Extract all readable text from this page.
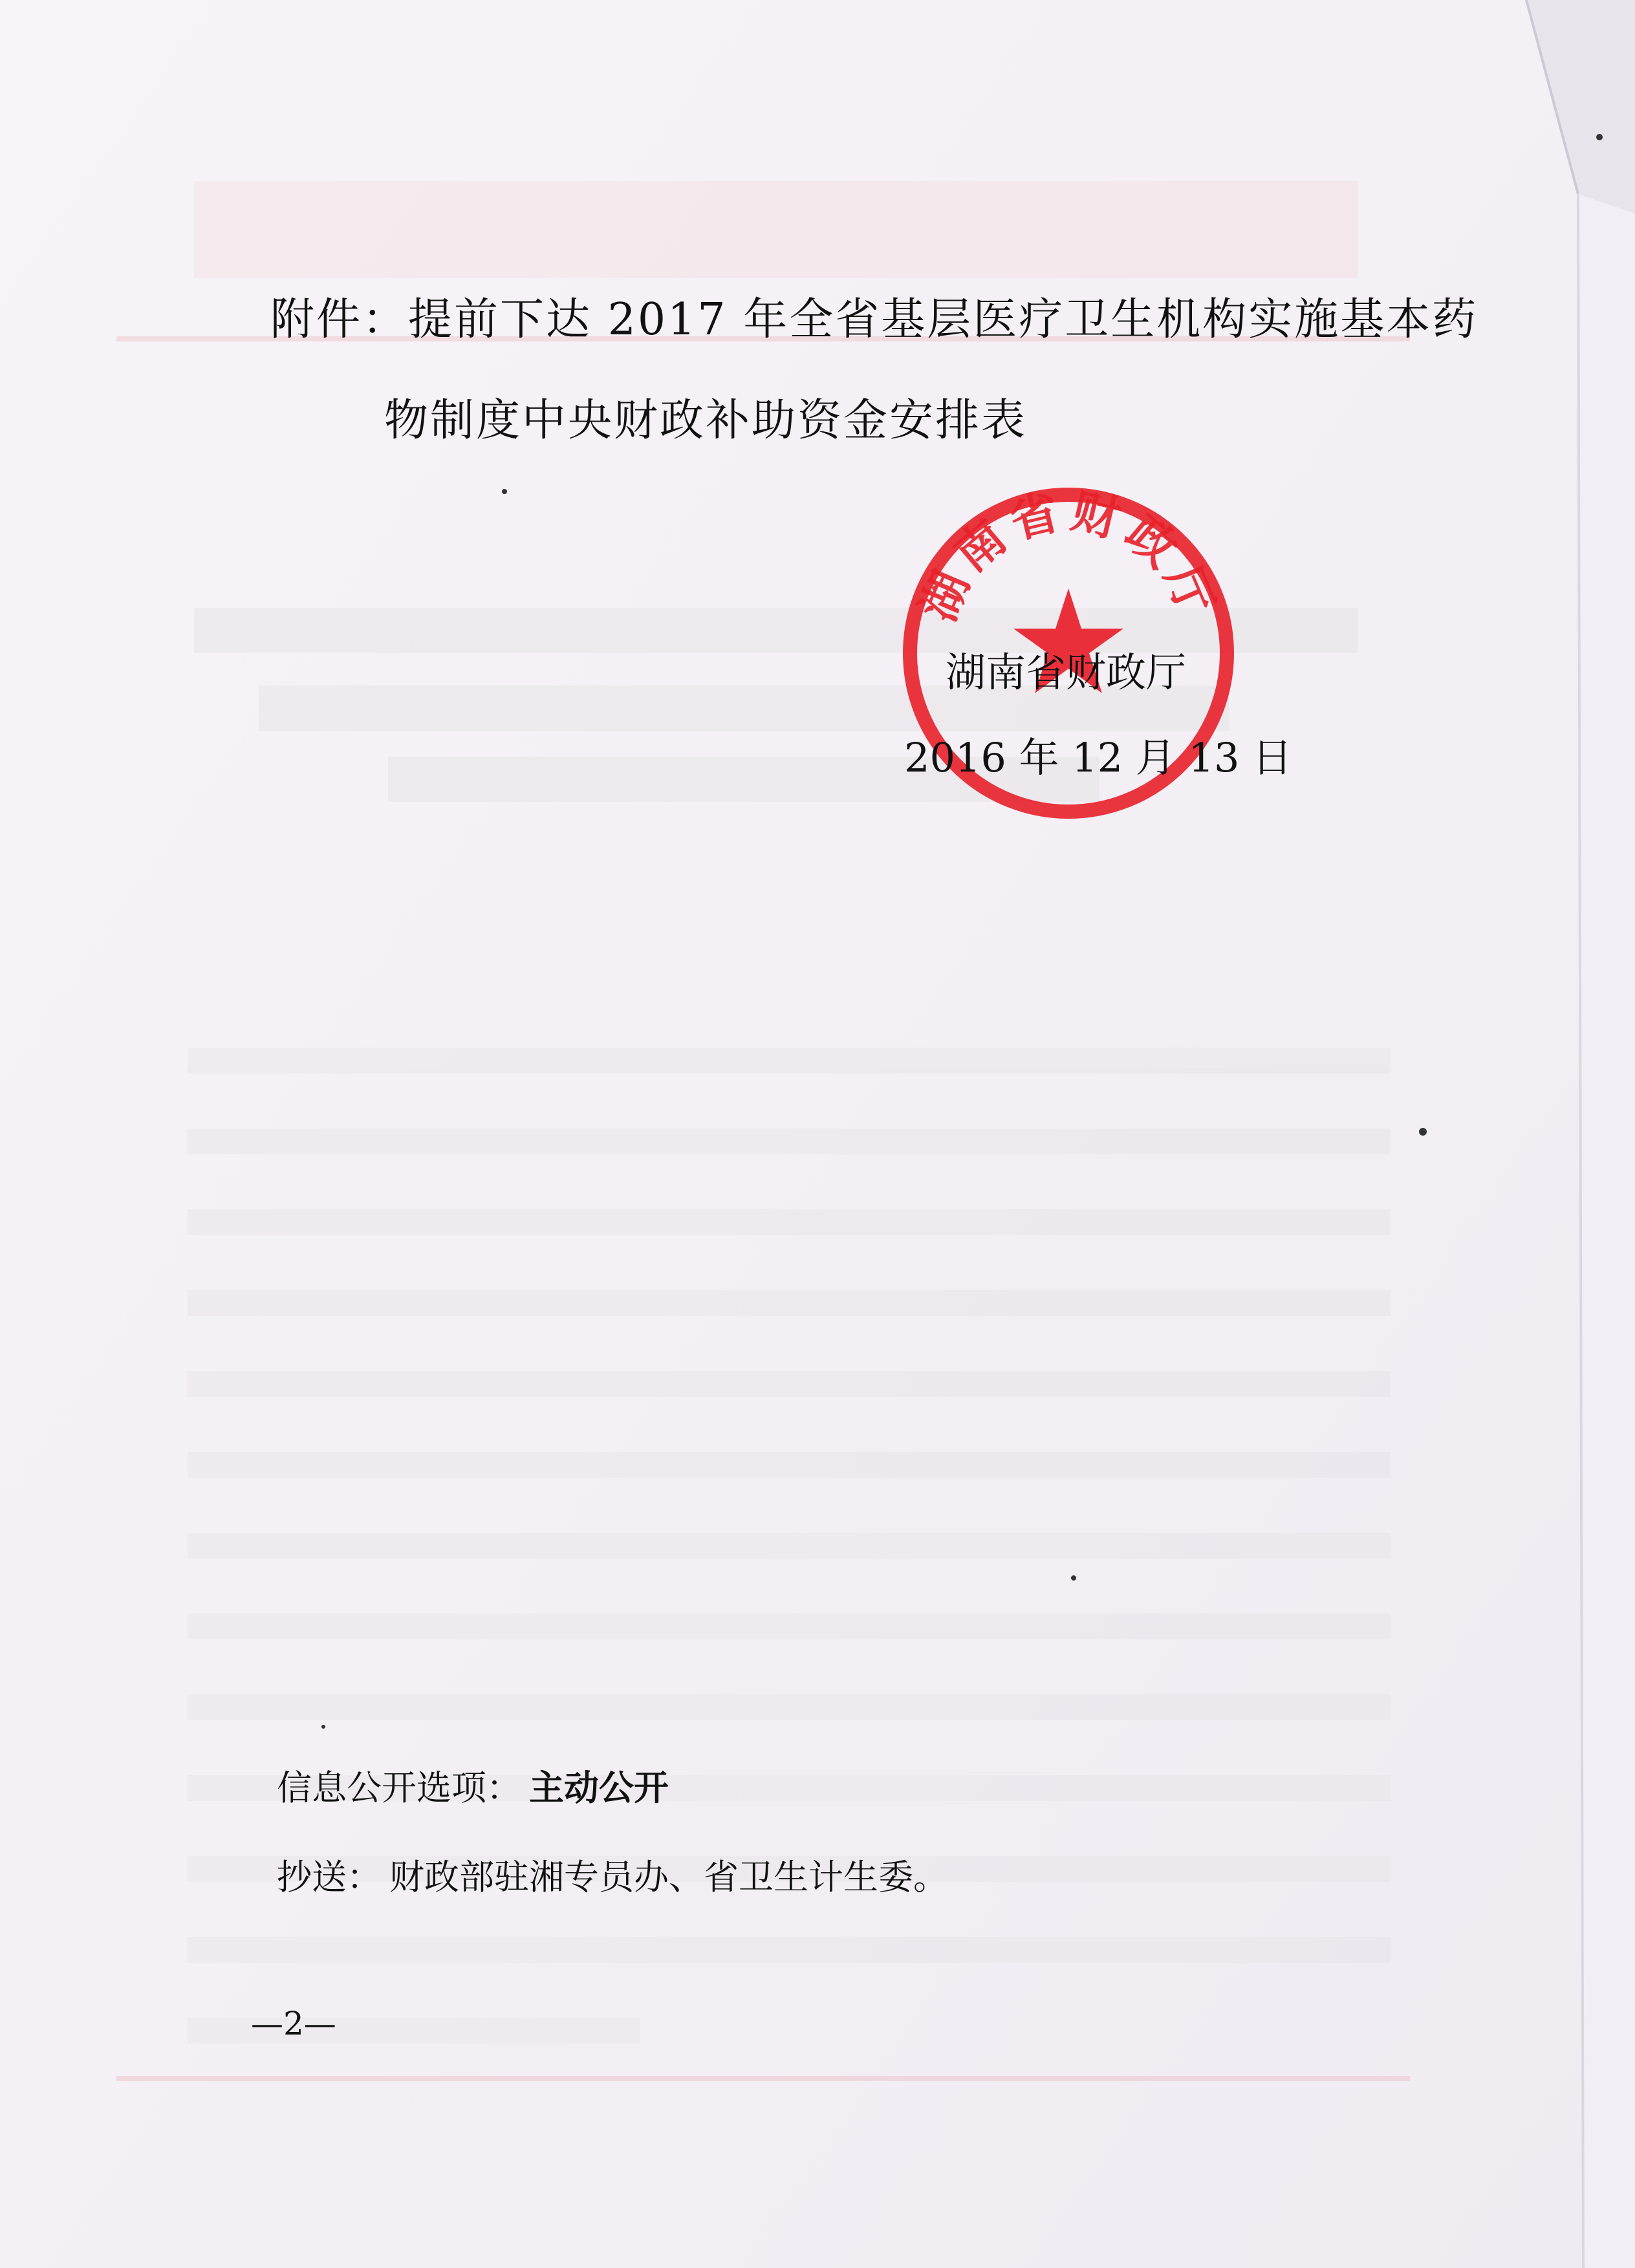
附件：提前下达 2017 年全省基层医疗卫生机构实施基本药
物制度中央财政补助资金安排表
湖南省财政厅
湖南省财政厅
2016 年 12 月 13 日
信息公开选项： 主动公开
抄送： 财政部驻湘专员办、省卫生计生委。
—2—
